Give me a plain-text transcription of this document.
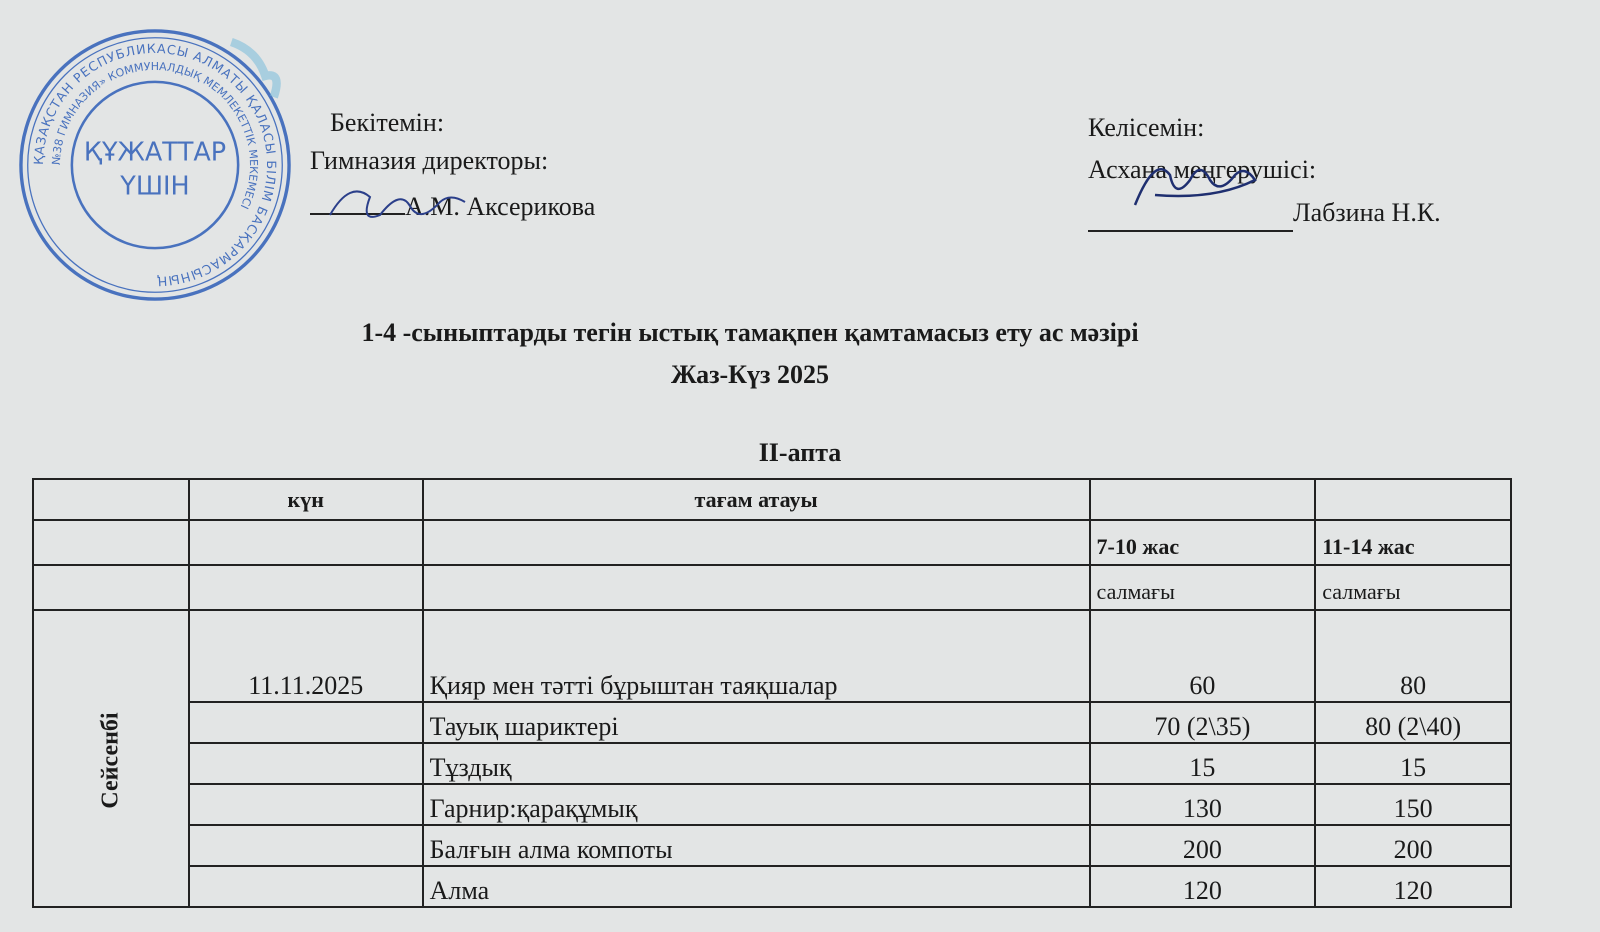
ҚАЗАҚСТАН РЕСПУБЛИКАСЫ АЛМАТЫ ҚАЛАСЫ БІЛІМ БАСҚАРМАСЫНЫҢ
№38 ГИМНАЗИЯ» КОММУНАЛДЫҚ МЕМЛЕКЕТТІК МЕКЕМЕСІ
ҚҰЖАТТАР
ҮШІН
Бекітемін:
Гимназия директоры:
А.М. Аксерикова
Келісемін:
Асхана меңгерушісі:
Лабзина Н.К.
1-4 -сыныптарды тегін ыстық тамақпен қамтамасыз ету ас мәзірі
Жаз-Күз 2025
ІІ-апта
	күн	тағам атауы		
			7-10 жас	11-14 жас
			салмағы	салмағы
Сейсенбі	11.11.2025	Қияр мен тәтті бұрыштан таяқшалар	60	80
		Тауық шариктері	70 (2\35)	80 (2\40)
		Тұздық	15	15
		Гарнир:қарақұмық	130	150
		Балғын алма компоты	200	200
		Алма	120	120
